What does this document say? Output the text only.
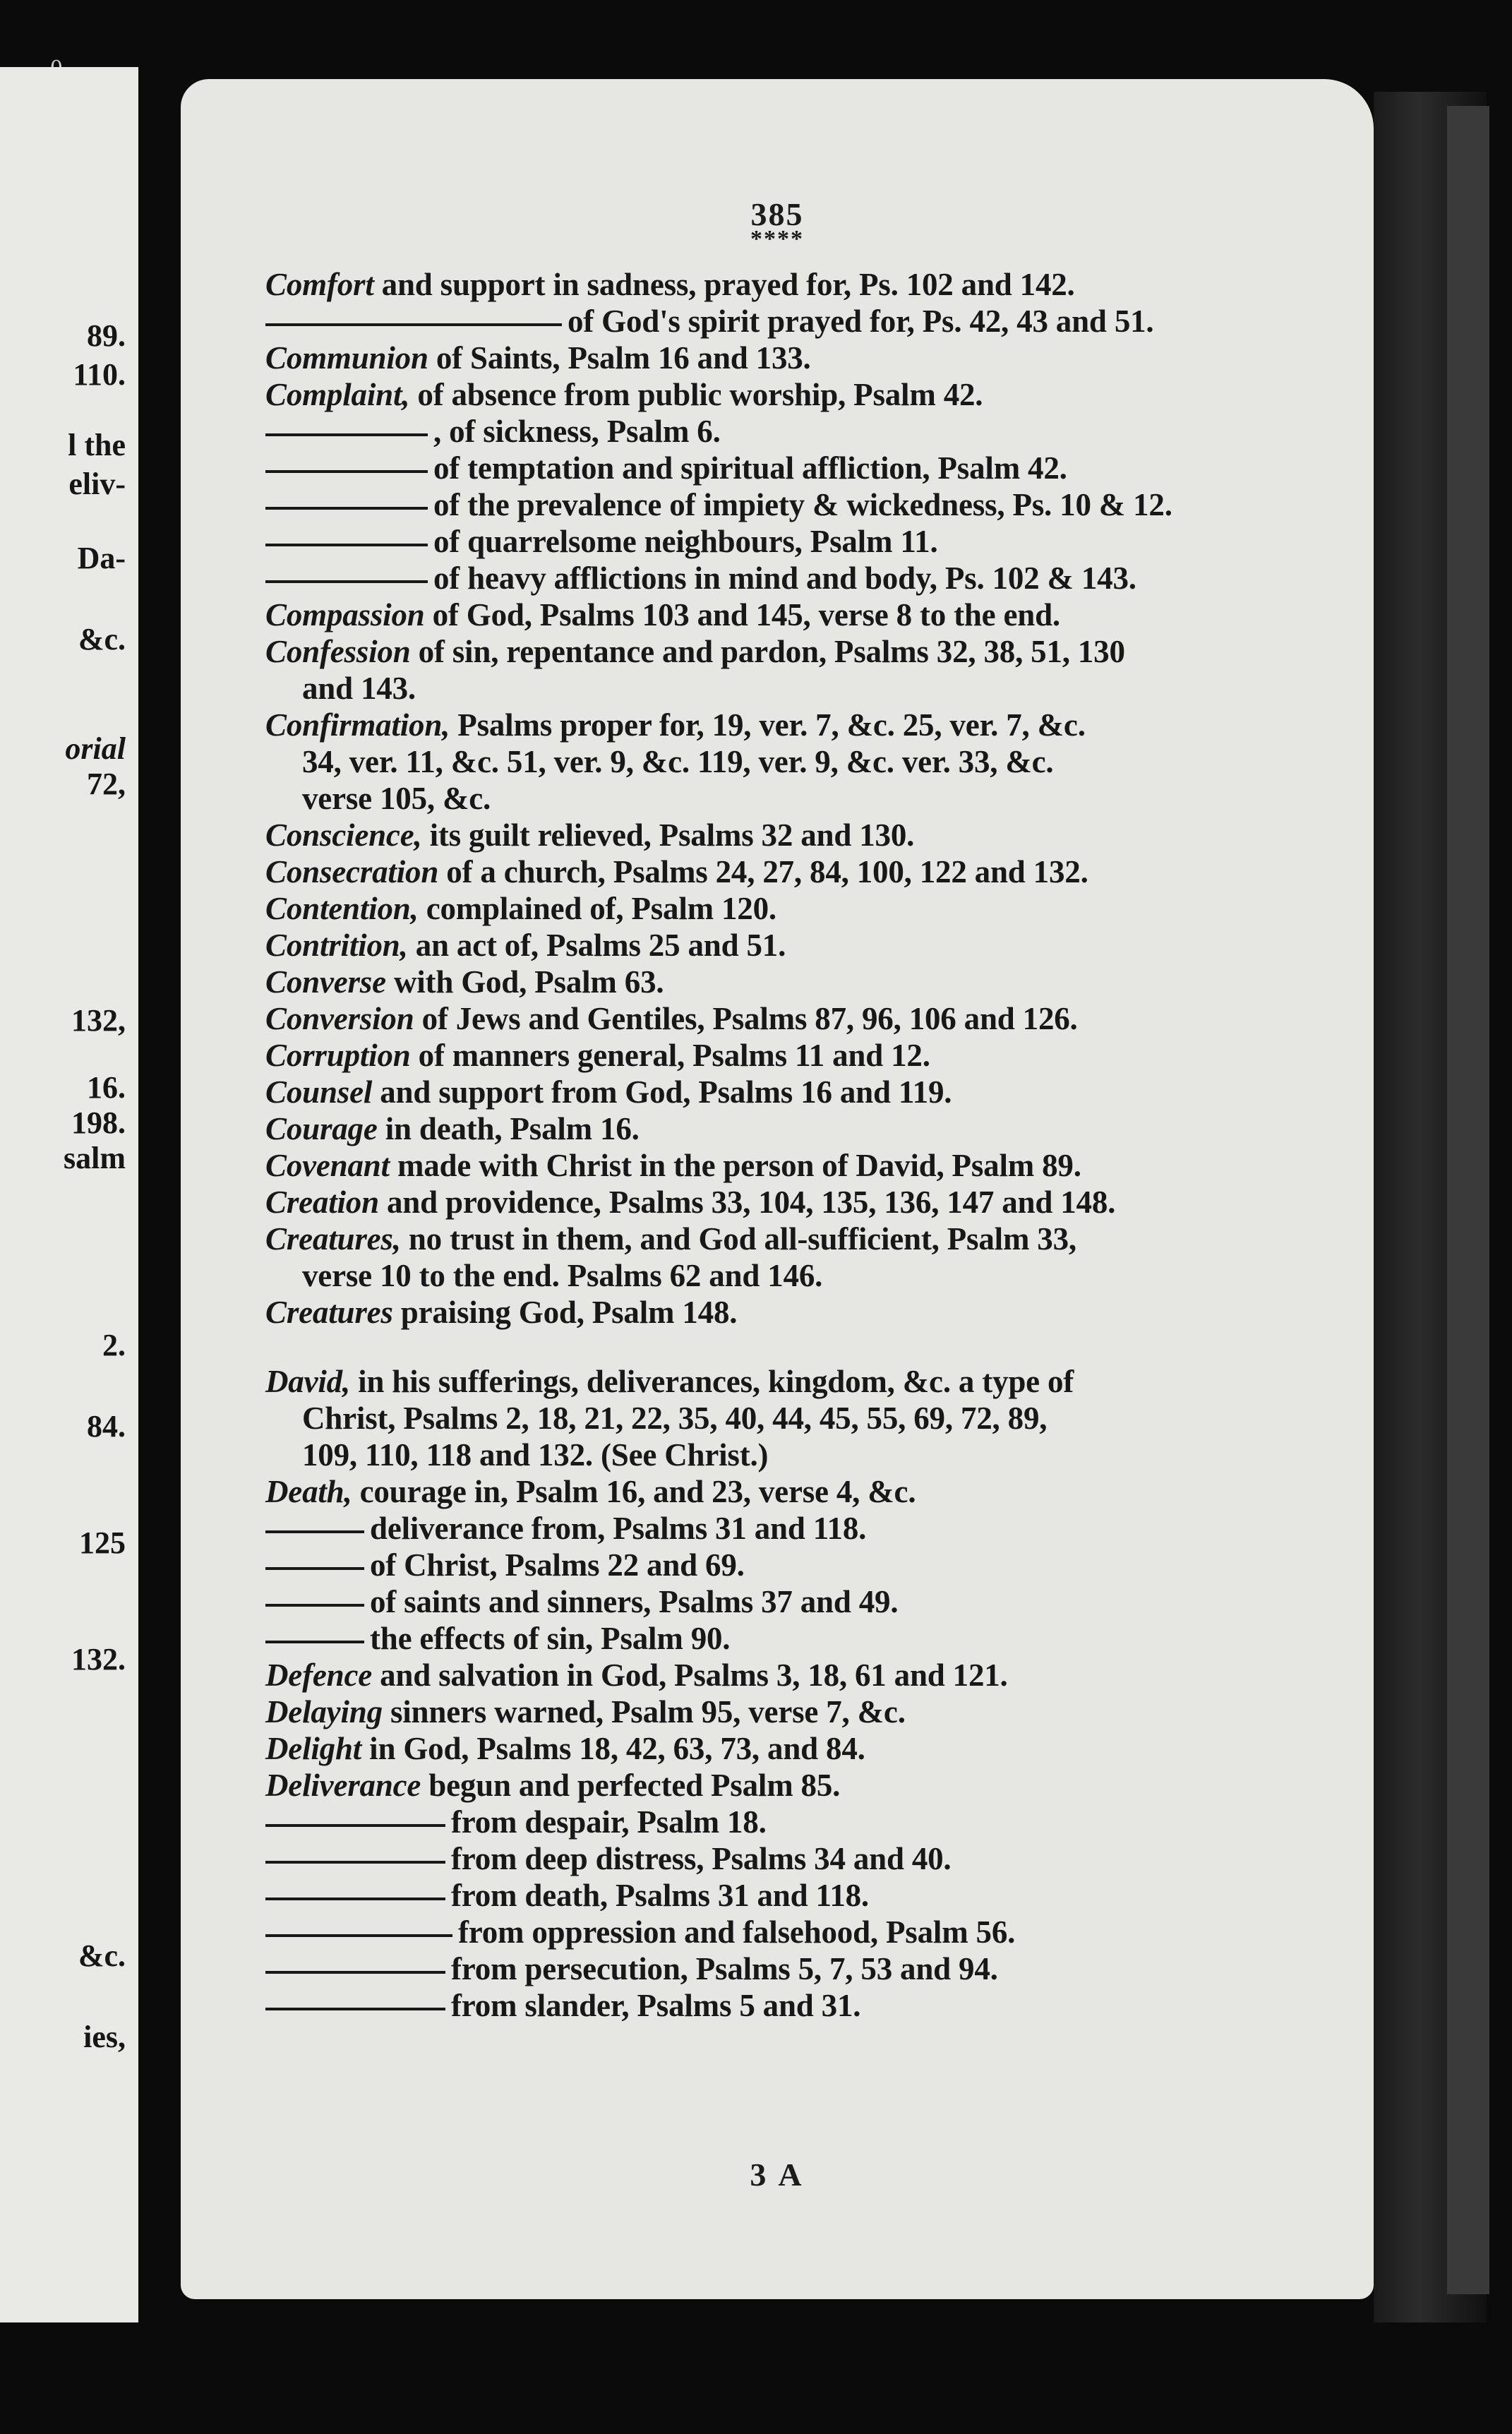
89.
110.
l the
eliv-
Da-
&c.
orial
72,
132,
16.
198.
salm
2.
84.
125
132.
&c.
ies,
385
****
Comfort and support in sadness, prayed for, Ps. 102 and 142.
of God's spirit prayed for, Ps. 42, 43 and 51.
Communion of Saints, Psalm 16 and 133.
Complaint, of absence from public worship, Psalm 42.
, of sickness, Psalm 6.
of temptation and spiritual affliction, Psalm 42.
of the prevalence of impiety & wickedness, Ps. 10 & 12.
of quarrelsome neighbours, Psalm 11.
of heavy afflictions in mind and body, Ps. 102 & 143.
Compassion of God, Psalms 103 and 145, verse 8 to the end.
Confession of sin, repentance and pardon, Psalms 32, 38, 51, 130
and 143.
Confirmation, Psalms proper for, 19, ver. 7, &c. 25, ver. 7, &c.
34, ver. 11, &c. 51, ver. 9, &c. 119, ver. 9, &c. ver. 33, &c.
verse 105, &c.
Conscience, its guilt relieved, Psalms 32 and 130.
Consecration of a church, Psalms 24, 27, 84, 100, 122 and 132.
Contention, complained of, Psalm 120.
Contrition, an act of, Psalms 25 and 51.
Converse with God, Psalm 63.
Conversion of Jews and Gentiles, Psalms 87, 96, 106 and 126.
Corruption of manners general, Psalms 11 and 12.
Counsel and support from God, Psalms 16 and 119.
Courage in death, Psalm 16.
Covenant made with Christ in the person of David, Psalm 89.
Creation and providence, Psalms 33, 104, 135, 136, 147 and 148.
Creatures, no trust in them, and God all-sufficient, Psalm 33,
verse 10 to the end. Psalms 62 and 146.
Creatures praising God, Psalm 148.
David, in his sufferings, deliverances, kingdom, &c. a type of
Christ, Psalms 2, 18, 21, 22, 35, 40, 44, 45, 55, 69, 72, 89,
109, 110, 118 and 132. (See Christ.)
Death, courage in, Psalm 16, and 23, verse 4, &c.
deliverance from, Psalms 31 and 118.
of Christ, Psalms 22 and 69.
of saints and sinners, Psalms 37 and 49.
the effects of sin, Psalm 90.
Defence and salvation in God, Psalms 3, 18, 61 and 121.
Delaying sinners warned, Psalm 95, verse 7, &c.
Delight in God, Psalms 18, 42, 63, 73, and 84.
Deliverance begun and perfected Psalm 85.
from despair, Psalm 18.
from deep distress, Psalms 34 and 40.
from death, Psalms 31 and 118.
from oppression and falsehood, Psalm 56.
from persecution, Psalms 5, 7, 53 and 94.
from slander, Psalms 5 and 31.
3 A
